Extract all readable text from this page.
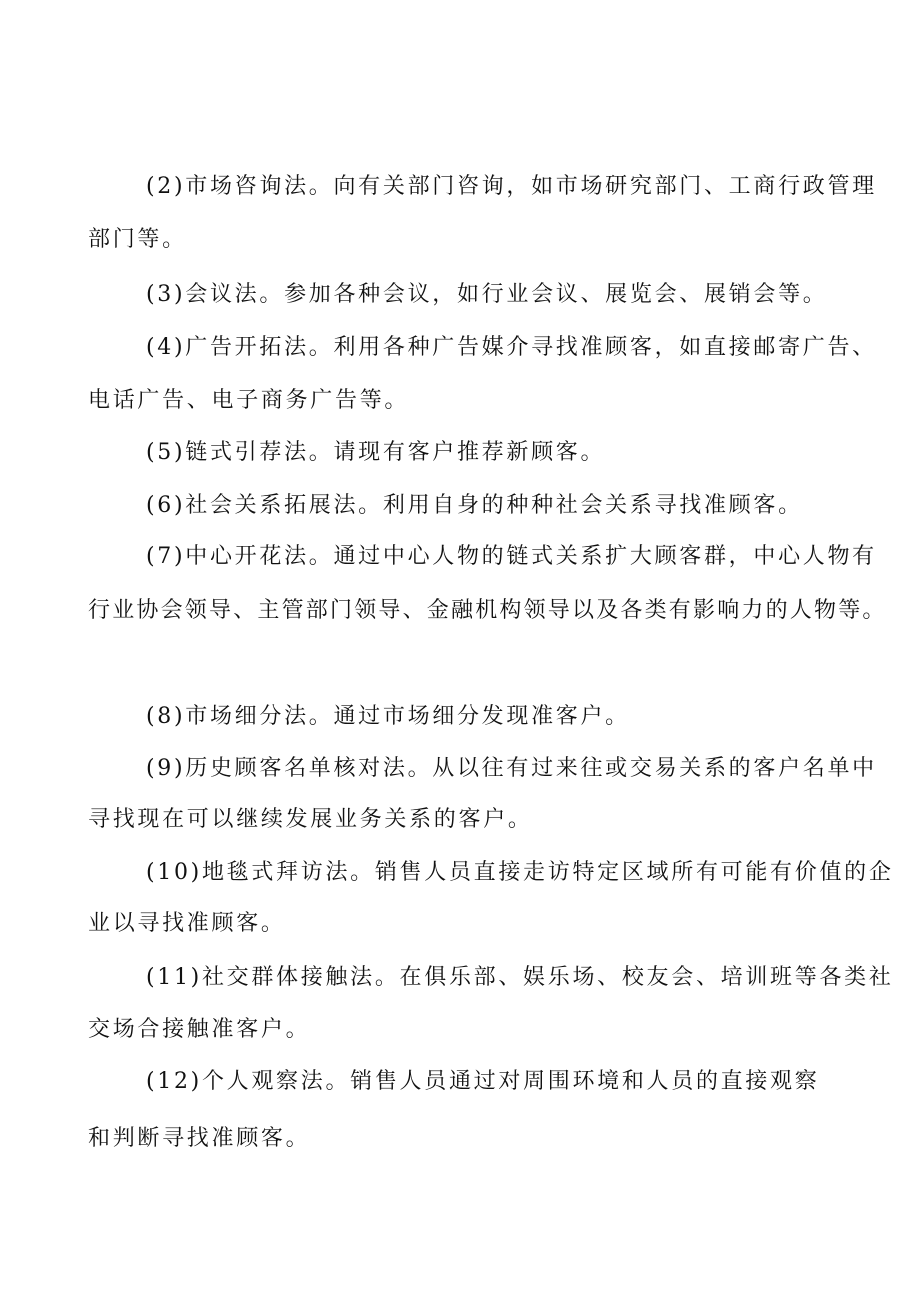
(2)市场咨询法。向有关部门咨询，如市场研究部门、工商行政管理
部门等。
(3)会议法。参加各种会议，如行业会议、展览会、展销会等。
(4)广告开拓法。利用各种广告媒介寻找准顾客，如直接邮寄广告、
电话广告、电子商务广告等。
(5)链式引荐法。请现有客户推荐新顾客。
(6)社会关系拓展法。利用自身的种种社会关系寻找准顾客。
(7)中心开花法。通过中心人物的链式关系扩大顾客群，中心人物有
行业协会领导、主管部门领导、金融机构领导以及各类有影响力的人物等。
(8)市场细分法。通过市场细分发现准客户。
(9)历史顾客名单核对法。从以往有过来往或交易关系的客户名单中
寻找现在可以继续发展业务关系的客户。
(10)地毯式拜访法。销售人员直接走访特定区域所有可能有价值的企
业以寻找准顾客。
(11)社交群体接触法。在俱乐部、娱乐场、校友会、培训班等各类社
交场合接触准客户。
(12)个人观察法。销售人员通过对周围环境和人员的直接观察
和判断寻找准顾客。
